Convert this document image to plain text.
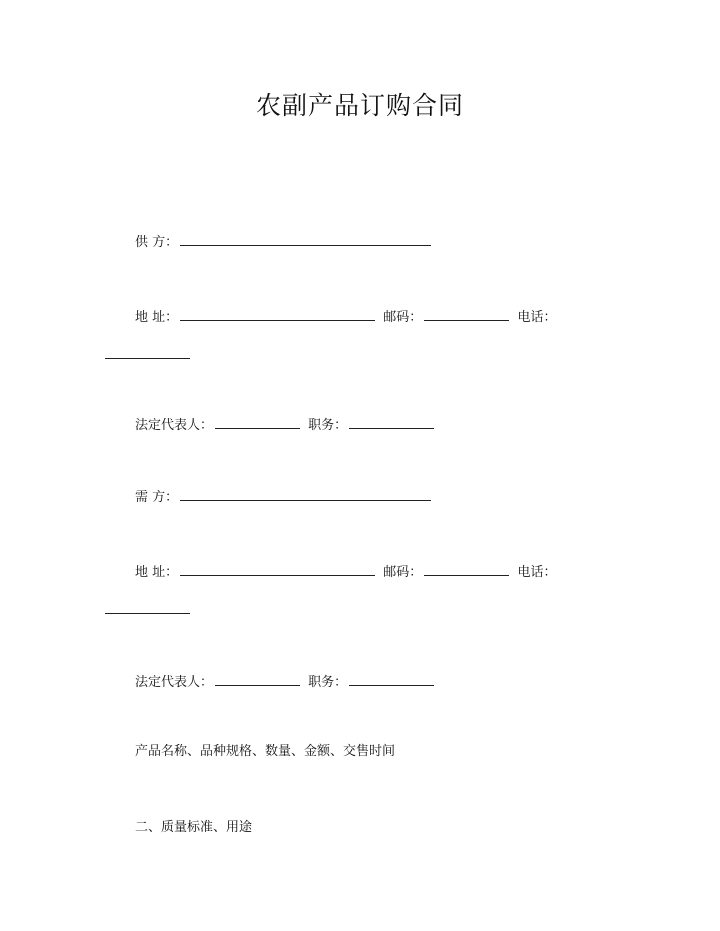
农副产品订购合同
供 方：
地 址：	邮码：	电话：
法定代表人：	职务：
需 方：
地 址：	邮码：	电话：
法定代表人：	职务：
产品名称、品种规格、数量、金额、交售时间
二、质量标准、用途
